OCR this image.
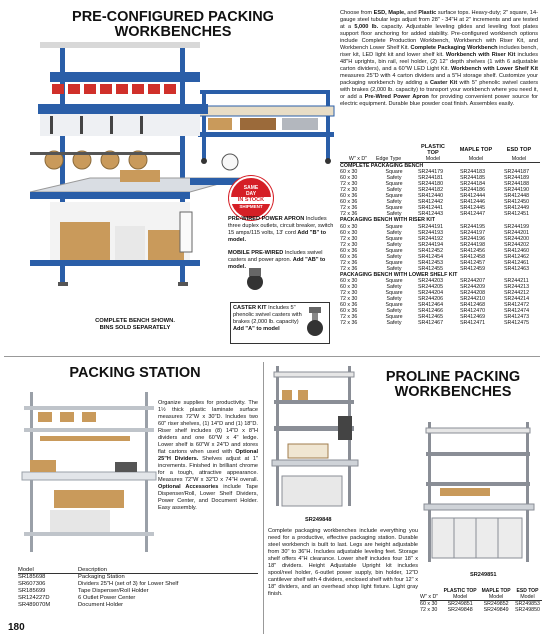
PRE-CONFIGURED PACKING
WORKBENCHES
SAME
DAY
IN STOCK
SHIPMENT
PRE-WIRED POWER APRON Includes three duplex outlets, circuit breaker, switch 15 amps/115 volts, 13' cord Add "B" to model.
MOBILE PRE-WIRED Includes swivel casters and power apron. Add "AB" to model.
CASTER KIT Includes 5" phenolic swivel casters with brakes (2,000 lb. capacity) Add "A" to model
COMPLETE BENCH SHOWN.
BINS SOLD SEPARATELY
Choose from ESD, Maple, and Plastic surface tops. Heavy-duty; 2" square, 14-gauge steel tubular legs adjust from 28" - 34"H at 2" increments and are tested at a 5,000 lb. capacity. Adjustable leveling glides and leveling foot plates support floor anchoring for added stability. Pre-configured workbench options include Complete Production Workbench, Workbench with Riser Kit, and Workbench Lower Shelf Kit. Complete Packaging Workbench includes bench, riser kit, LED light kit and lower shelf kit. Workbench with Riser Kit includes 48"H uprights, bin rail, reel holder, (2) 12" depth shelves (1 with 6 adjustable carton dividers), and a 60"W LED Light Kit. Workbench with Lower Shelf Kit measures 25"D with 4 carton dividers and a 5"H storage shelf. Customize your packaging workbench by adding a Caster Kit with 5" phenolic swivel casters with brakes (2,000 lb. capacity) to transport your workbench where you need it, or add a Pre-Wired Power Apron for providing convenient power source for electric equipment. Durable blue powder coat finish. Assembles easily.

		PLASTIC
TOP	MAPLE TOP	ESD TOP
W" x D"	Edge Type	Model	Model	Model
COMPLETE PACKAGING BENCH				
60 x 30	Square	SR244179	SR244183	SR244187
60 x 30	Safety	SR244181	SR244185	SR244189
72 x 30	Square	SR244180	SR244184	SR244188
72 x 30	Safety	SR244182	SR244186	SR244190
60 x 36	Square	SR412440	SR412444	SR412448
60 x 36	Safety	SR412442	SR412446	SR412450
72 x 36	Square	SR412441	SR412445	SR412449
72 x 36	Safety	SR412443	SR412447	SR412451
PACKAGING BENCH WITH RISER KIT				
60 x 30	Square	SR244191	SR244195	SR244199
60 x 30	Safety	SR244193	SR244197	SR244201
72 x 30	Square	SR244192	SR244196	SR244200
72 x 30	Safety	SR244194	SR244198	SR244202
60 x 36	Square	SR412452	SR412456	SR412460
60 x 36	Safety	SR412454	SR412458	SR412462
72 x 36	Square	SR412453	SR412457	SR412461
72 x 36	Safety	SR412455	SR412459	SR412463
PACKAGING BENCH WITH LOWER SHELF KIT				
60 x 30	Square	SR244203	SR244207	SR244211
60 x 30	Safety	SR244205	SR244209	SR244213
72 x 30	Square	SR244204	SR244208	SR244212
72 x 30	Safety	SR244206	SR244210	SR244214
60 x 36	Square	SR412464	SR412468	SR412472
60 x 36	Safety	SR412466	SR412470	SR412474
72 x 36	Square	SR412465	SR412469	SR412473
72 x 36	Safety	SR412467	SR412471	SR412475
PACKING STATION
Organize supplies for productivity. The 1½ thick plastic laminate surface measures 72"W x 30"D. Includes two 60" riser shelves, (1) 14"D and (1) 18"D. Riser shelf includes (8) 14"D x 8"H dividers and one 60"W x 4" ledge. Lower shelf is 60"W x 24"D and stores flat cartons when used with Optional 25"H Dividers. Shelves adjust at 1" increments. Finished in brilliant chrome for a tough, attractive appearance. Measures 72"W x 32"D x 74"H overall. Optional Accessories include Tape Dispenser/Roll, Lower Shelf Dividers, Power Center, and Document Holder. Easy assembly.
Model	Description
SR185698	Packaging Station
SR607306	Dividers 25"H (set of 3) for Lower Shelf
SR185699	Tape Dispenser/Roll Holder
SR124227D	6 Outlet Power Center
SR489070M	Document Holder
180
SR249848
PROLINE PACKING
WORKBENCHES
SR249851
Complete packaging workbenches include everything you need for a productive, effective packaging station. Durable steel workbench is built to last. Legs are height adjustable from 30" to 36"H. Includes adjustable leveling feet. Storage shelf offers 4"H clearance. Lower shelf includes four 18" x 18" dividers. Height Adjustable Upright kit includes spool/reel holder, 6-outlet power supply, bin holder, 12"D cantilever shelf with 4 dividers, enclosed shelf with four 12" x 18" dividers, and an overhead shop light fixture. Light gray finish.
		PLASTIC TOP	MAPLE TOP	ESD TOP
W" x D"	Model	Model	Model
60 x 30	SR249851	SR249852	SR249853
72 x 30	SR249848	SR249849	SR249850
